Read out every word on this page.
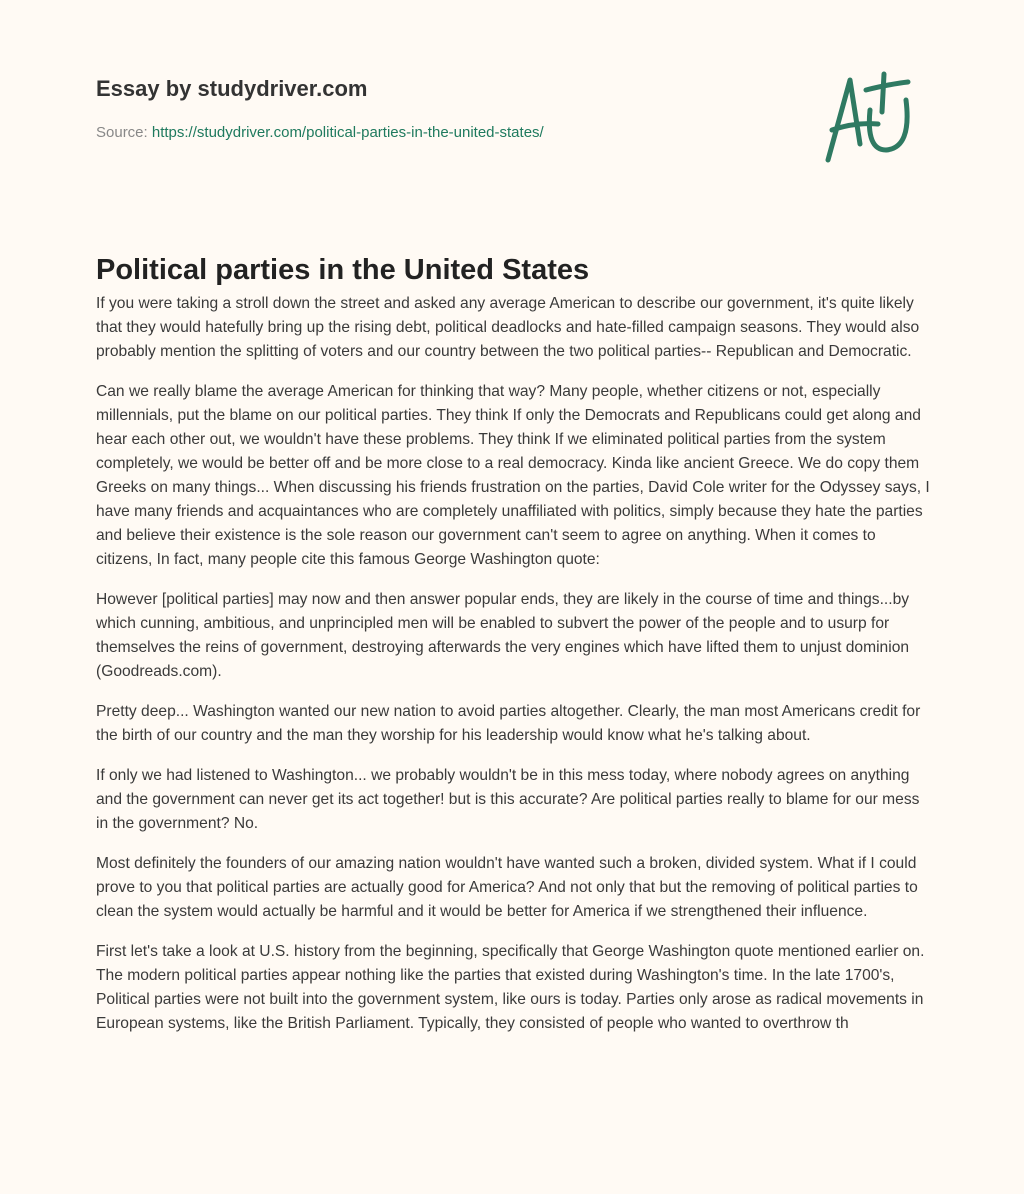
Essay by studydriver.com
Source: https://studydriver.com/political-parties-in-the-united-states/
Political parties in the United States

If you were taking a stroll down the street and asked any average American to describe our government, it's quite likely that they would hatefully bring up the rising debt, political deadlocks and hate-filled campaign seasons. They would also probably mention the splitting of voters and our country between the two political parties-- Republican and Democratic.

Can we really blame the average American for thinking that way? Many people, whether citizens or not, especially millennials, put the blame on our political parties. They think If only the Democrats and Republicans could get along and hear each other out, we wouldn't have these problems. They think If we eliminated political parties from the system completely, we would be better off and be more close to a real democracy. Kinda like ancient Greece. We do copy them Greeks on many things... When discussing his friends frustration on the parties, David Cole writer for the Odyssey says, I have many friends and acquaintances who are completely unaffiliated with politics, simply because they hate the parties and believe their existence is the sole reason our government can't seem to agree on anything. When it comes to citizens, In fact, many people cite this famous George Washington quote:

However [political parties] may now and then answer popular ends, they are likely in the course of time and things...by which cunning, ambitious, and unprincipled men will be enabled to subvert the power of the people and to usurp for themselves the reins of government, destroying afterwards the very engines which have lifted them to unjust dominion (Goodreads.com).

Pretty deep... Washington wanted our new nation to avoid parties altogether. Clearly, the man most Americans credit for the birth of our country and the man they worship for his leadership would know what he's talking about.

If only we had listened to Washington... we probably wouldn't be in this mess today, where nobody agrees on anything and the government can never get its act together! but is this accurate? Are political parties really to blame for our mess in the government? No.

Most definitely the founders of our amazing nation wouldn't have wanted such a broken, divided system. What if I could prove to you that political parties are actually good for America? And not only that but the removing of political parties to clean the system would actually be harmful and it would be better for America if we strengthened their influence.

First let's take a look at U.S. history from the beginning, specifically that George Washington quote mentioned earlier on. The modern political parties appear nothing like the parties that existed during Washington's time. In the late 1700's, Political parties were not built into the government system, like ours is today. Parties only arose as radical movements in European systems, like the British Parliament. Typically, they consisted of people who wanted to overthrow th
